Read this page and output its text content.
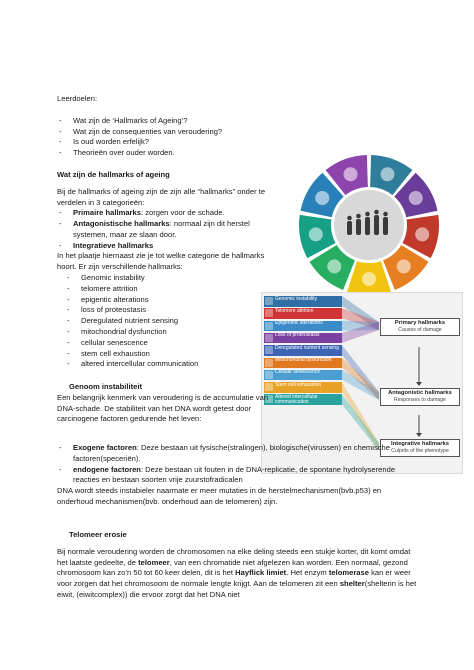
Leerdoelen:
- Wat zijn de ‘Hallmarks of Ageing’?
- Wat zijn de consequenties van veroudering?
- Is oud worden erfelijk?
- Theorieën over ouder worden.
Wat zijn de hallmarks of ageing
Bij de hallmarks of ageing zijn de zijn alle “hallmarks” onder te verdelen in 3 categorieën:
- Primaire hallmarks: zorgen voor de schade.
- Antagonistische hallmarks: normaal zijn dit herstel systemen, maar ze slaan door.
- Integratieve hallmarks
In het plaatje hiernaast zie je tot welke categorie de hallmarks hoort. Er zijn verschillende hallmarks:
- Genomic instability
- telomere attrition
- epigentic alterations
- loss of proteostasis
- Deregulated nutrient sensing
- mitochondrial dysfunction
- cellular senescence
- stem cell exhaustion
- altered intercellular communication
Genomic instability
Telomere attrition
Epigenetic alterations
Loss of proteostasis
Deregulated nutrient sensing
Mitochondrial dysfunction
Cellular senescence
Stem cell exhaustion
Altered intercellular communication
Primary hallmarks
Causes of damage
Antagonistic hallmarks
Responses to damage
Integrative hallmarks
Culprits of the phenotype
Genoom instabiliteit
Een belangrijk kenmerk van veroudering is de accumulatie van DNA-schade. De stabiliteit van het DNA wordt getest door carcinogene factoren gedurende het leven:
- Exogene factoren: Deze bestaan uit fysische(stralingen), biologische(virussen) en chemische factoren(speceriën).
- endogene factoren: Deze bestaan uit fouten in de DNA-replicatie, de spontane hydrolyserende reacties en bestaan soorten vrije zuurstofradicalen
DNA wordt steeds instabieler naarmate er meer mutaties in de herstelmechanismen(bvb.p53) en onderhoud mechanismen(bvb. onderhoud aan de telomeren) zijn.
Telomeer erosie
Bij normale veroudering worden de chromosomen na elke deling steeds een stukje korter, dit komt omdat het laatste gedeelte, de telomeer, van een chromatide niet afgelezen kan worden. Een normaal, gezond chromosoom kan zo’n 50 tot 60 keer delen, dit is het Hayflick limiet. Het enzym telomerase kan er weer voor zorgen dat het chromosoom de normale lengte krijgt. Aan de telomeren zit een shelter(shelterin is het eiwit, (eiwitcomplex)) die ervoor zorgt dat het DNA niet
